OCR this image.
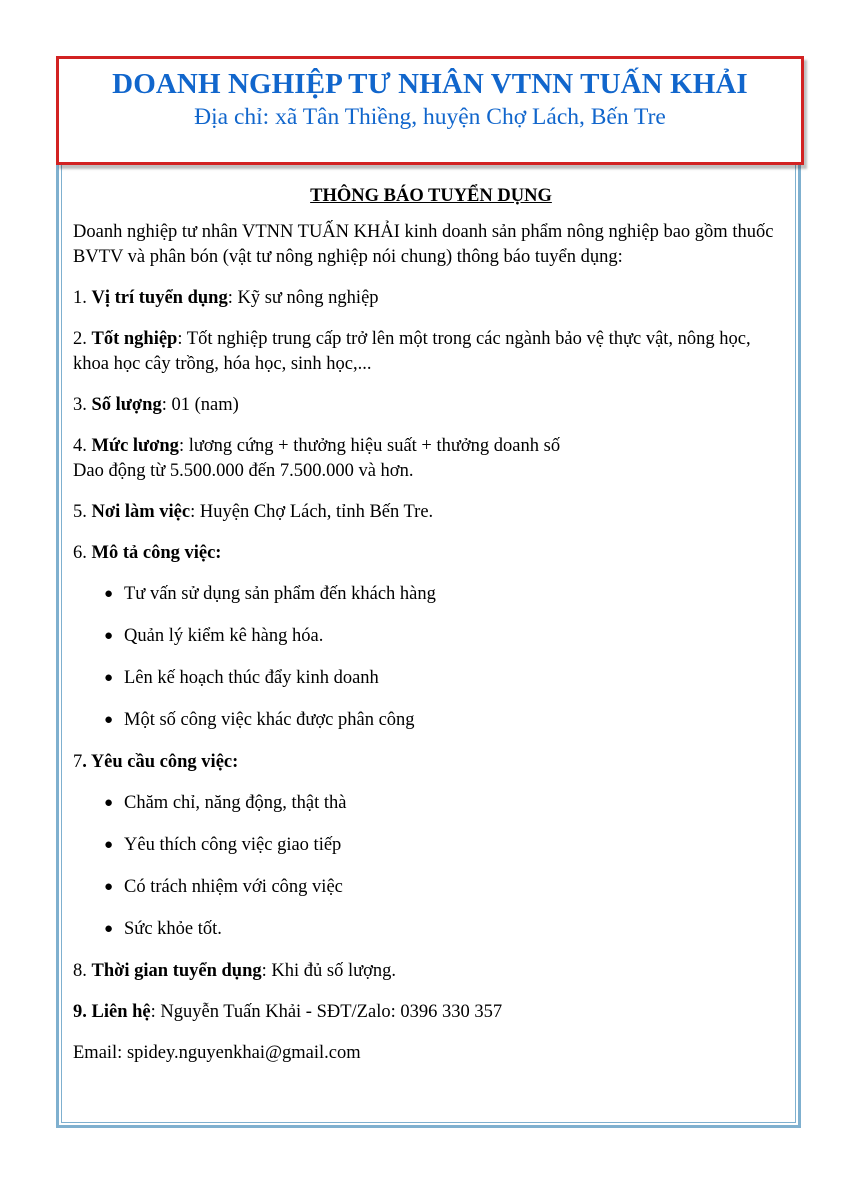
DOANH NGHIỆP TƯ NHÂN VTNN TUẤN KHẢI
Địa chỉ: xã Tân Thiềng, huyện Chợ Lách, Bến Tre

THÔNG BÁO TUYỂN DỤNG

Doanh nghiệp tư nhân VTNN TUẤN KHẢI kinh doanh sản phẩm nông nghiệp bao gồm thuốc BVTV và phân bón (vật tư nông nghiệp nói chung) thông báo tuyển dụng:

1. Vị trí tuyển dụng: Kỹ sư nông nghiệp

2. Tốt nghiệp: Tốt nghiệp trung cấp trở lên một trong các ngành bảo vệ thực vật, nông học, khoa học cây trồng, hóa học, sinh học,...

3. Số lượng: 01 (nam)

4. Mức lương: lương cứng + thưởng hiệu suất + thưởng doanh số
Dao động từ 5.500.000 đến 7.500.000 và hơn.

5. Nơi làm việc: Huyện Chợ Lách, tỉnh Bến Tre.

6. Mô tả công việc:

● Tư vấn sử dụng sản phẩm đến khách hàng
● Quản lý kiểm kê hàng hóa.
● Lên kế hoạch thúc đẩy kinh doanh
● Một số công việc khác được phân công

7. Yêu cầu công việc:

● Chăm chỉ, năng động, thật thà
● Yêu thích công việc giao tiếp
● Có trách nhiệm với công việc
● Sức khỏe tốt.

8. Thời gian tuyển dụng: Khi đủ số lượng.

9. Liên hệ: Nguyễn Tuấn Khải - SĐT/Zalo: 0396 330 357

Email: spidey.nguyenkhai@gmail.com
